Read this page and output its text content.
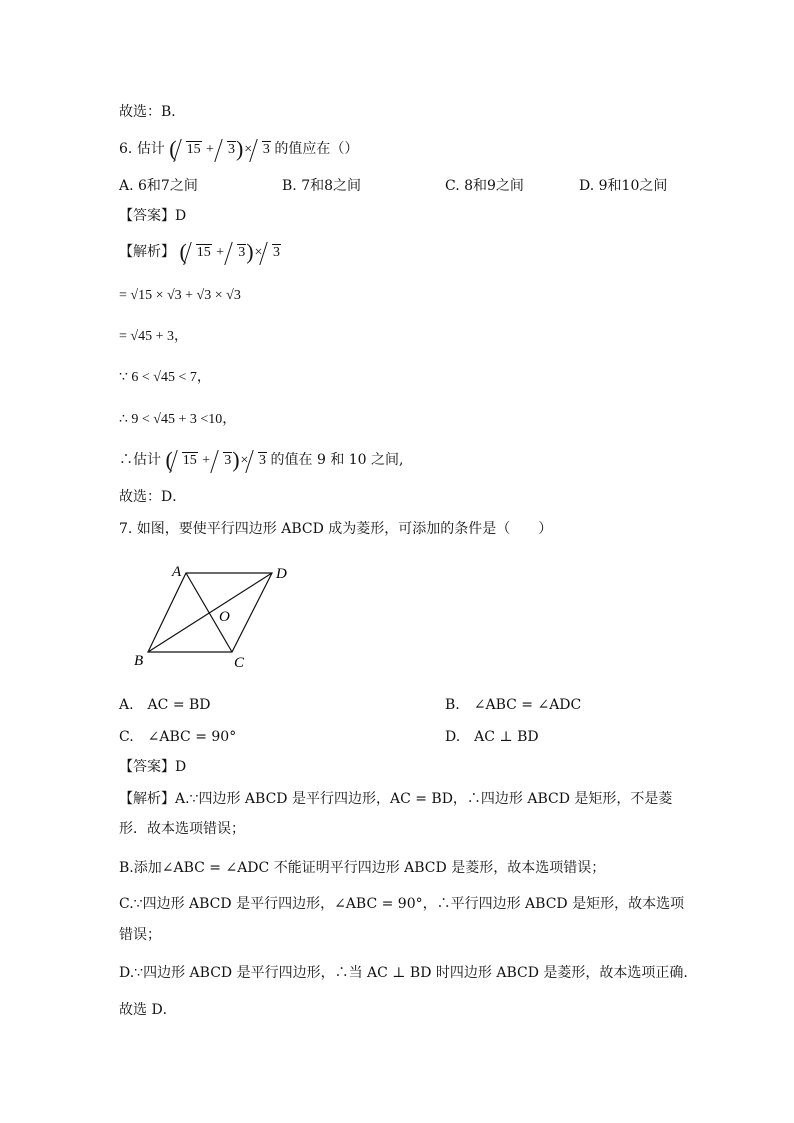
故选：B．
6. 估计 ( 15 + 3)× 3 的值应在（）
A. 6和7之间	B. 7和8之间	C. 8和9之间	D. 9和10之间
【答案】D
【解析】 ( 15 + 3)× 3
= √15 × √3 + √3 × √3
= √45 + 3，
∵ 6 < √45 < 7，
∴ 9 < √45 + 3 <10，
∴估计 ( 15 + 3)× 3 的值在 9 和 10 之间,
故选：D．
7. 如图，要使平行四边形 ABCD 成为菱形，可添加的条件是（　　）
A	D
B	C
O
A.　AC = BD	B.　∠ABC = ∠ADC
C.　∠ABC = 90°	D.　AC ⊥ BD
【答案】D
【解析】A.∵四边形 ABCD 是平行四边形，AC = BD，∴四边形 ABCD 是矩形，不是菱
形．故本选项错误；
B.添加∠ABC = ∠ADC 不能证明平行四边形 ABCD 是菱形，故本选项错误；
C.∵四边形 ABCD 是平行四边形，∠ABC = 90°，∴平行四边形 ABCD 是矩形，故本选项
错误；
D.∵四边形 ABCD 是平行四边形，∴当 AC ⊥ BD 时四边形 ABCD 是菱形，故本选项正确.
故选 D．
